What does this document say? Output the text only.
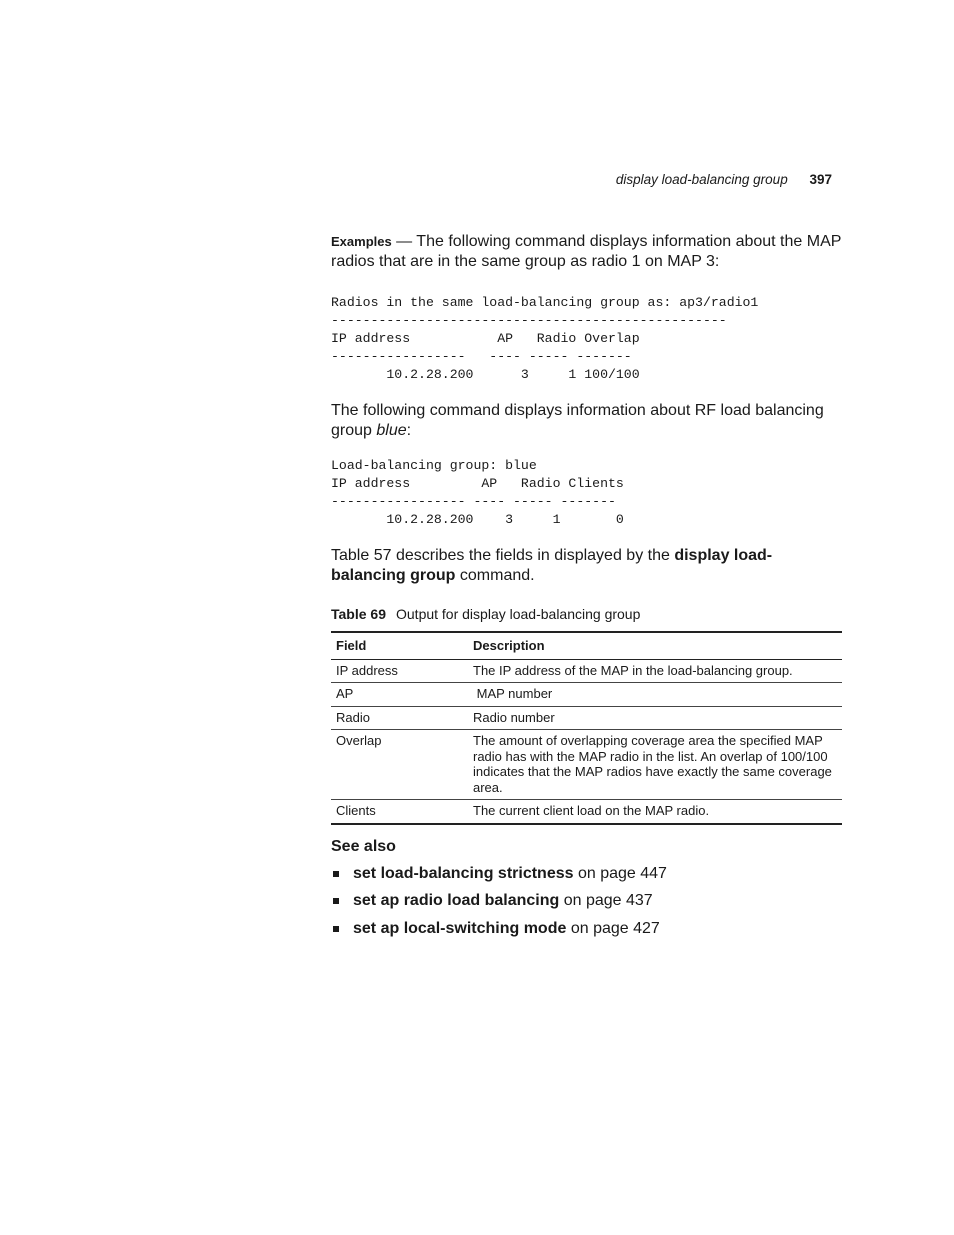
display load-balancing group 397

Examples — The following command displays information about the MAP radios that are in the same group as radio 1 on MAP 3:

Radios in the same load-balancing group as: ap3/radio1
--------------------------------------------------
IP address           AP   Radio Overlap
-----------------   ---- ----- -------
10.2.28.200      3     1 100/100

The following command displays information about RF load balancing group blue:

Load-balancing group: blue
IP address         AP   Radio Clients
----------------- ---- ----- -------
10.2.28.200    3     1       0

Table 57 describes the fields in displayed by the display load-balancing group command.

Table 69 Output for display load-balancing group

Field	Description
IP address	The IP address of the MAP in the load-balancing group.
AP	MAP number
Radio	Radio number
Overlap	The amount of overlapping coverage area the specified MAP radio has with the MAP radio in the list. An overlap of 100/100 indicates that the MAP radios have exactly the same coverage area.
Clients	The current client load on the MAP radio.
See also
set load-balancing strictness on page 447
set ap radio load balancing on page 437
set ap local-switching mode on page 427
